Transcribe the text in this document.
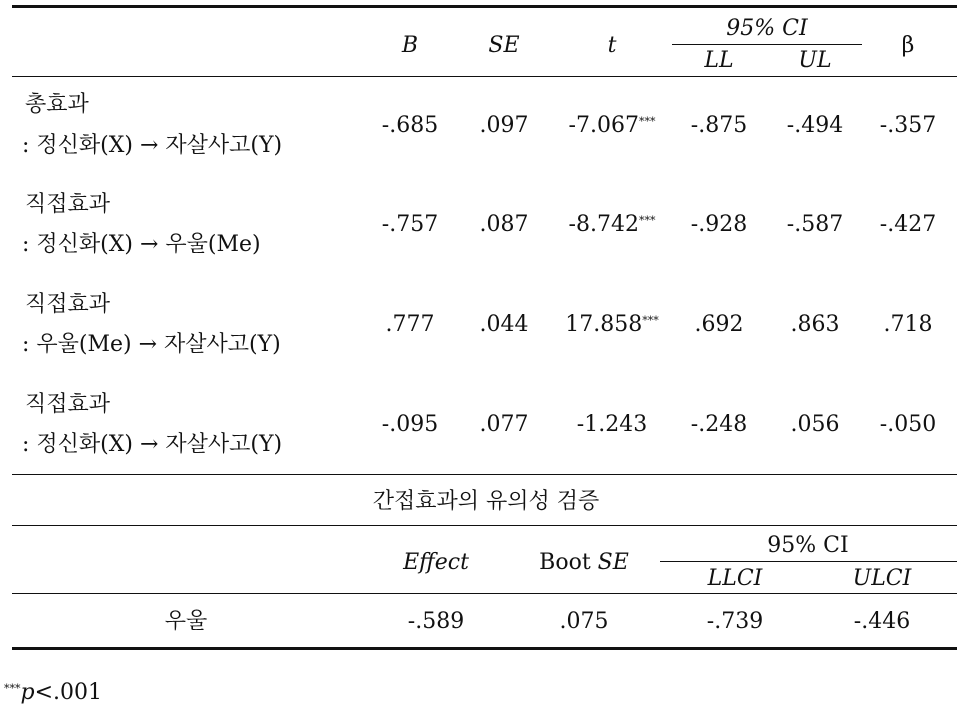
B	SE	t
95% CI
LL	UL
β
총효과
: 정신화(X) → 자살사고(Y)
-.685 .097 -7.067*** -.875 -.494 -.357
직접효과
: 정신화(X) → 우울(Me)
-.757 .087 -8.742*** -.928 -.587 -.427
직접효과
: 우울(Me) → 자살사고(Y)
.777 .044 17.858*** .692 .863 .718
직접효과
: 정신화(X) → 자살사고(Y)
-.095 .077 -1.243 -.248 .056 -.050
간접효과의 유의성 검증
Effect	Boot SE
95% CI
LLCI	ULCI
우울	-.589	.075	-.739	-.446
***p<.001
